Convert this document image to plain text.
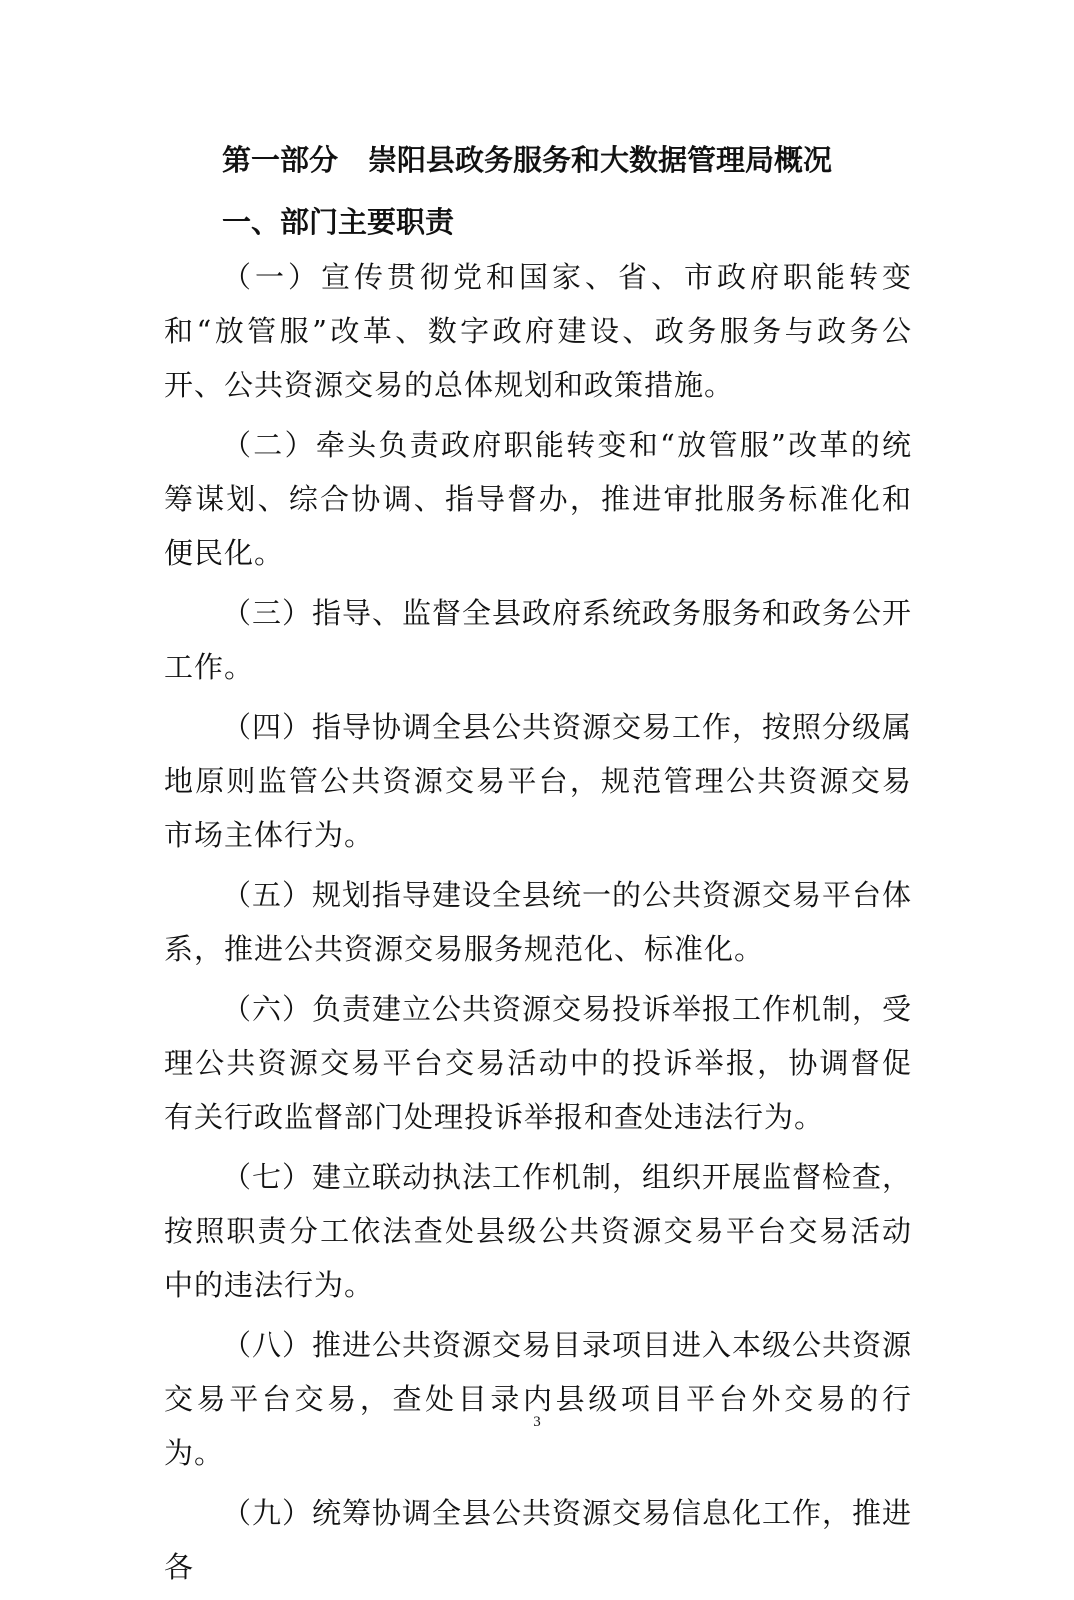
第一部分 崇阳县政务服务和大数据管理局概况
一、部门主要职责

（一）宣传贯彻党和国家、省、市政府职能转变和“放管服”改革、数字政府建设、政务服务与政务公开、公共资源交易的总体规划和政策措施。

（二）牵头负责政府职能转变和“放管服”改革的统筹谋划、综合协调、指导督办，推进审批服务标准化和便民化。

（三）指导、监督全县政府系统政务服务和政务公开工作。

（四）指导协调全县公共资源交易工作，按照分级属地原则监管公共资源交易平台，规范管理公共资源交易市场主体行为。

（五）规划指导建设全县统一的公共资源交易平台体系，推进公共资源交易服务规范化、标准化。

（六）负责建立公共资源交易投诉举报工作机制，受理公共资源交易平台交易活动中的投诉举报，协调督促有关行政监督部门处理投诉举报和查处违法行为。

（七）建立联动执法工作机制，组织开展监督检查，按照职责分工依法查处县级公共资源交易平台交易活动中的违法行为。

（八）推进公共资源交易目录项目进入本级公共资源交易平台交易，查处目录内县级项目平台外交易的行为。

（九）统筹协调全县公共资源交易信息化工作，推进各

3
